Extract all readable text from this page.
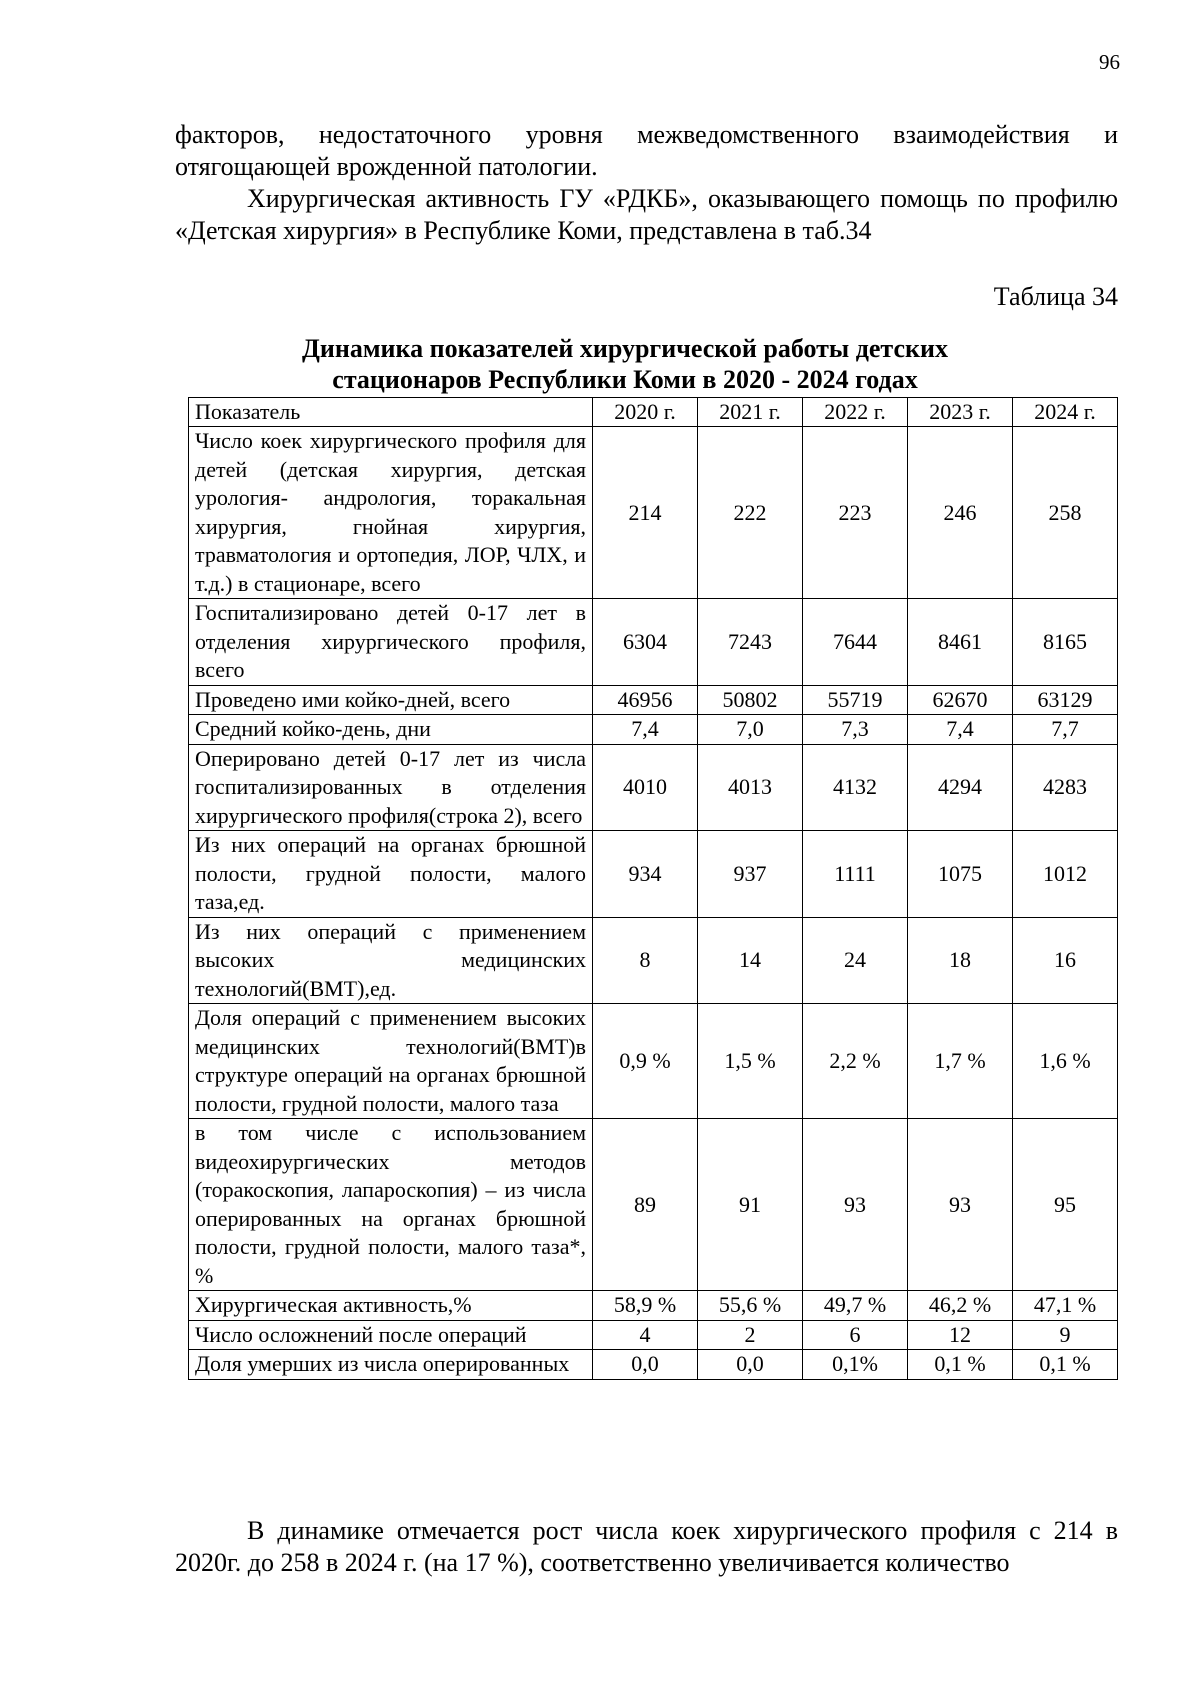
96

факторов, недостаточного уровня межведомственного взаимодействия и отягощающей врожденной патологии.

Хирургическая активность ГУ «РДКБ», оказывающего помощь по профилю «Детская хирургия» в Республике Коми, представлена в таб.34

Таблица 34
Динамика показателей хирургической работы детских
стационаров Республики Коми в 2020 - 2024 годах
Показатель	2020 г.	2021 г.	2022 г.	2023 г.	2024 г.
Число коек хирургического профиля для детей (детская хирургия, детская урология- андрология, торакальная хирургия, гнойная хирургия, травматология и ортопедия, ЛОР, ЧЛХ, и т.д.) в стационаре, всего	214	222	223	246	258
Госпитализировано детей 0-17 лет в отделения хирургического профиля, всего	6304	7243	7644	8461	8165
Проведено ими койко-дней, всего	46956	50802	55719	62670	63129
Средний койко-день, дни	7,4	7,0	7,3	7,4	7,7
Оперировано детей 0-17 лет из числа госпитализированных в отделения хирургического профиля(строка 2), всего	4010	4013	4132	4294	4283
Из них операций на органах брюшной полости, грудной полости, малого таза,ед.	934	937	1111	1075	1012
Из них операций с применением высоких медицинских технологий(ВМТ),ед.	8	14	24	18	16
Доля операций с применением высоких медицинских технологий(ВМТ)в структуре операций на органах брюшной полости, грудной полости, малого таза	0,9 %	1,5 %	2,2 %	1,7 %	1,6 %
в том числе с использованием видеохирургических методов (торакоскопия, лапароскопия) – из числа оперированных на органах брюшной полости, грудной полости, малого таза*, %	89	91	93	93	95
Хирургическая активность,%	58,9 %	55,6 %	49,7 %	46,2 %	47,1 %
Число осложнений после операций	4	2	6	12	9
Доля умерших из числа оперированных	0,0	0,0	0,1%	0,1 %	0,1 %

В динамике отмечается рост числа коек хирургического профиля с 214 в 2020г. до 258 в 2024 г. (на 17 %), соответственно увеличивается количество
